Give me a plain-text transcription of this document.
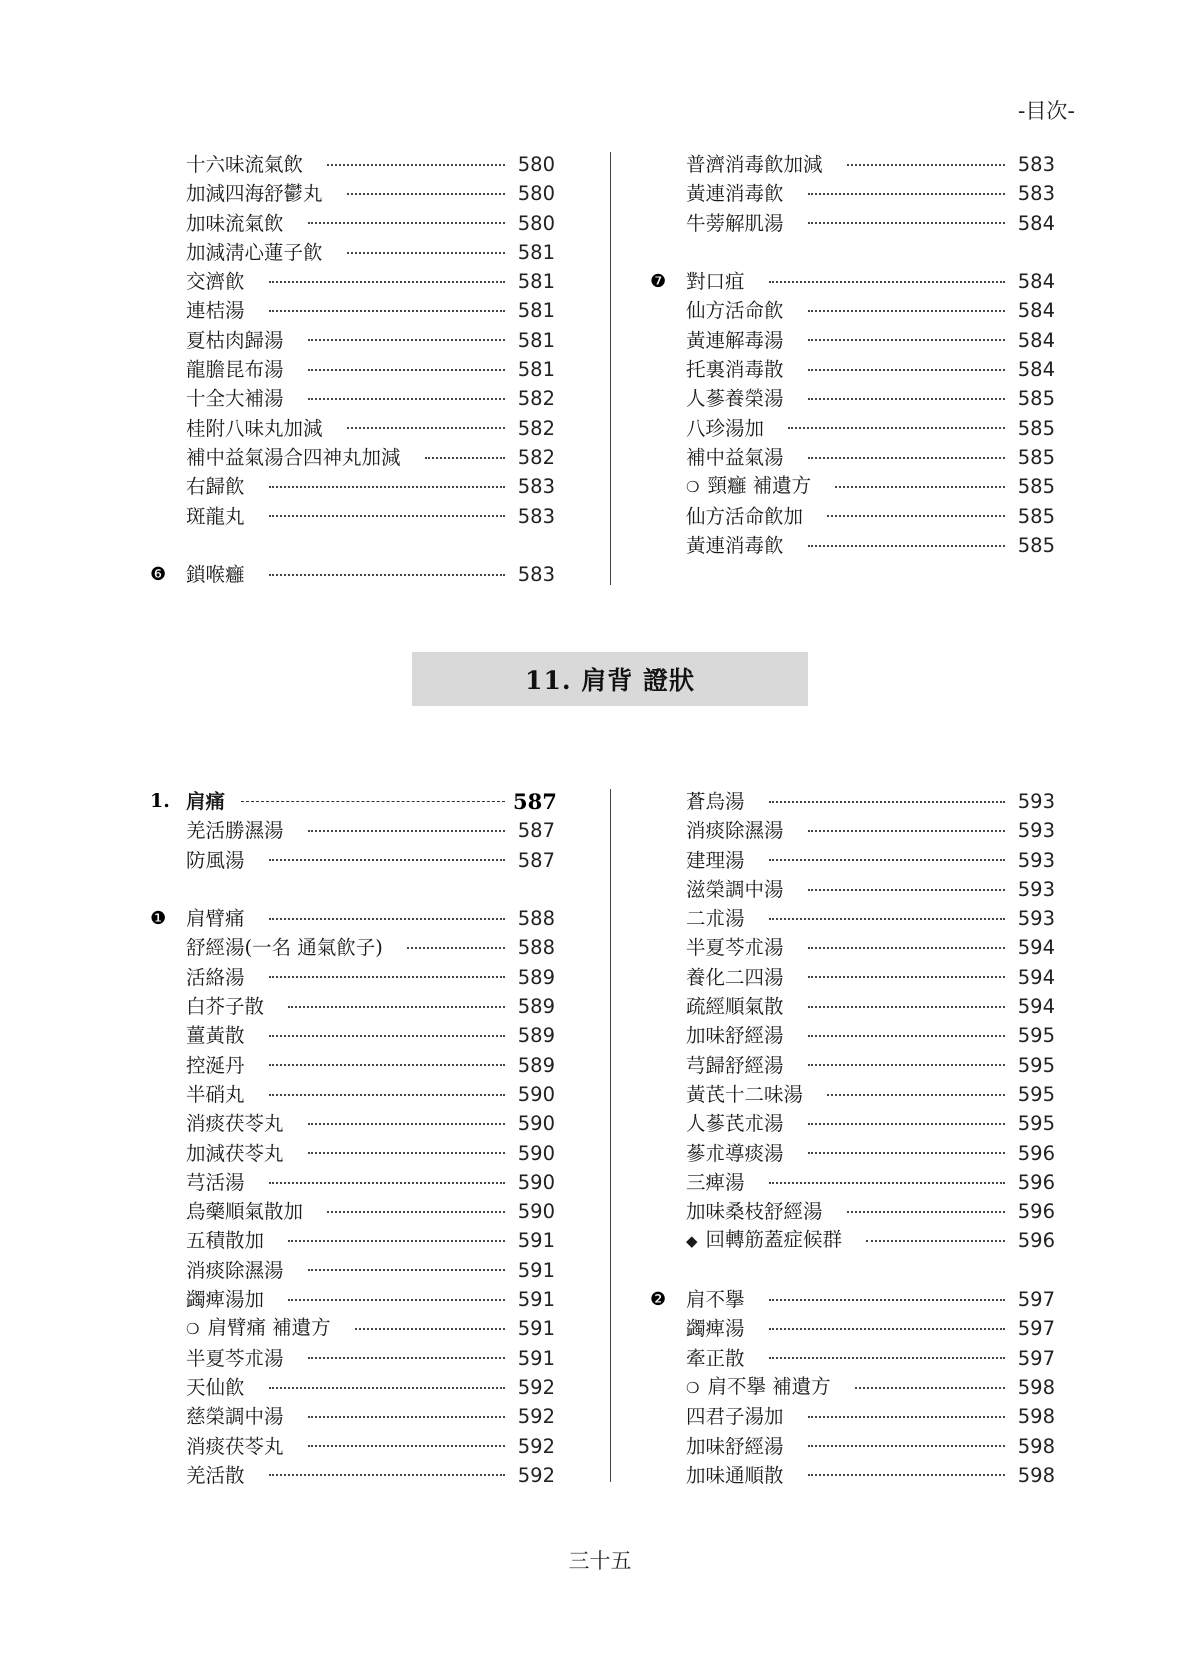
-目次-
十六味流氣飲	580
加減四海舒鬱丸	580
加味流氣飲	580
加減淸心蓮子飮	581
交濟飮	581
連桔湯	581
夏枯肉歸湯	581
龍膽昆布湯	581
十全大補湯	582
桂附八味丸加減	582
補中益氣湯合四神丸加減	582
右歸飮	583
斑龍丸	583
❻	鎖喉癰	583
普濟消毒飮加減	583
黃連消毒飮	583
牛蒡解肌湯	584
❼	對口疽	584
仙方活命飮	584
黃連解毒湯	584
托裏消毒散	584
人蔘養榮湯	585
八珍湯加	585
補中益氣湯	585
❍ 頸癰 補遺方	585
仙方活命飮加	585
黃連消毒飮	585
11. 肩背 證狀
1. 肩痛	587
羌活勝濕湯	587
防風湯	587
❶	肩臂痛	588
舒經湯(一名 通氣飮子)	588
活絡湯	589
白芥子散	589
薑黃散	589
控涎丹	589
半硝丸	590
消痰茯苓丸	590
加減茯苓丸	590
芎活湯	590
烏藥順氣散加	590
五積散加	591
消痰除濕湯	591
蠲痺湯加	591
❍ 肩臂痛 補遺方	591
半夏芩朮湯	591
天仙飮	592
慈榮調中湯	592
消痰茯苓丸	592
羌活散	592
蒼烏湯	593
消痰除濕湯	593
建理湯	593
滋榮調中湯	593
二朮湯	593
半夏芩朮湯	594
養化二四湯	594
疏經順氣散	594
加味舒經湯	595
芎歸舒經湯	595
黃芪十二味湯	595
人蔘芪朮湯	595
蔘朮導痰湯	596
三痺湯	596
加味桑枝舒經湯	596
◆ 回轉筋蓋症候群	596
❷	肩不擧	597
蠲痺湯	597
牽正散	597
❍ 肩不擧 補遺方	598
四君子湯加	598
加味舒經湯	598
加味通順散	598
三十五
